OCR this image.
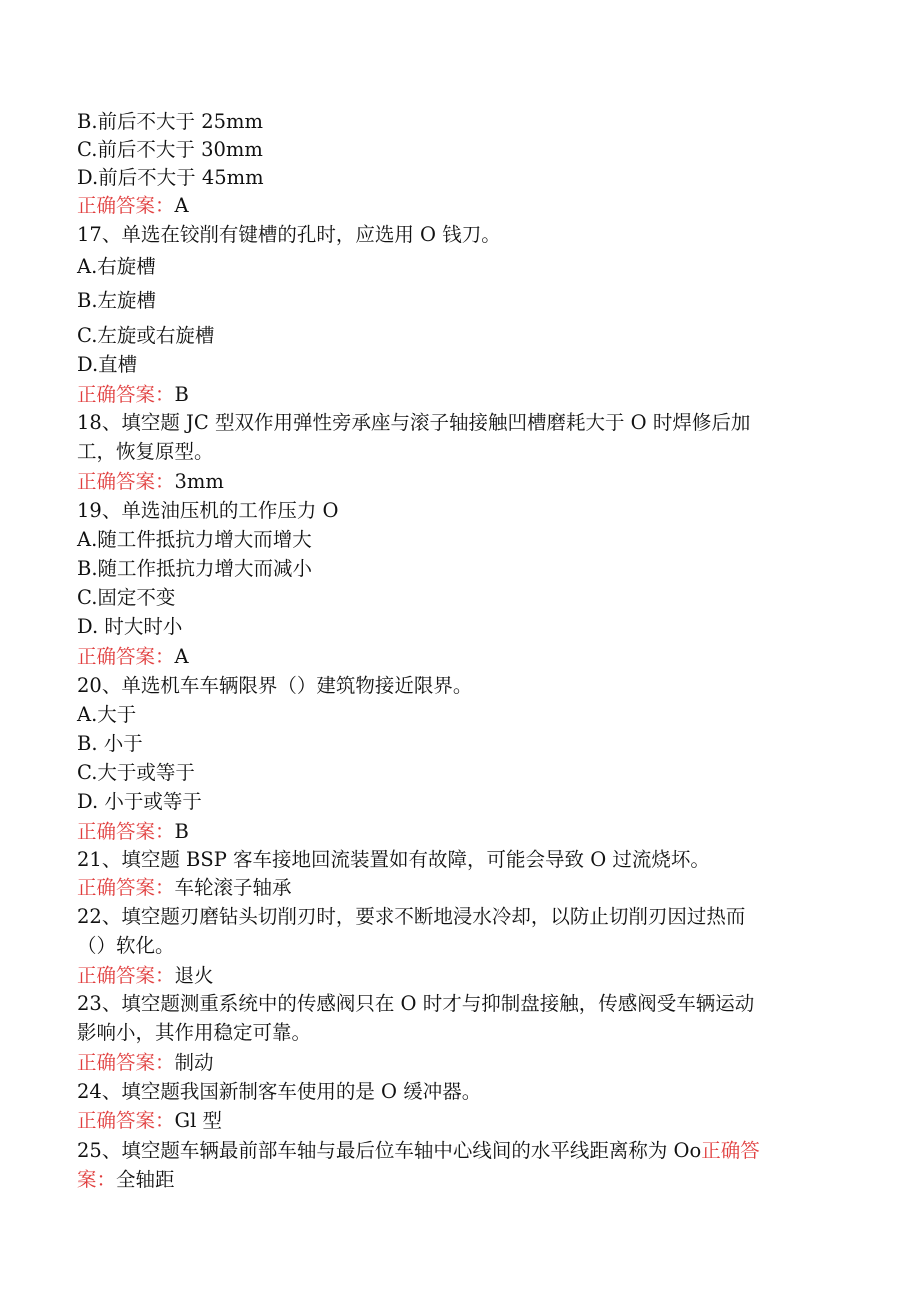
B.前后不大于 25mm
C.前后不大于 30mm
D.前后不大于 45mm
正确答案：A
17、单选在铰削有键槽的孔时，应选用 O 钱刀。
A.右旋槽
B.左旋槽
C.左旋或右旋槽
D.直槽
正确答案：B
18、填空题 JC 型双作用弹性旁承座与滚子轴接触凹槽磨耗大于 O 时焊修后加
工，恢复原型。
正确答案：3mm
19、单选油压机的工作压力 O
A.随工件抵抗力增大而增大
B.随工作抵抗力增大而减小
C.固定不变
D. 时大时小
正确答案：A
20、单选机车车辆限界（）建筑物接近限界。
A.大于
B. 小于
C.大于或等于
D. 小于或等于
正确答案：B
21、填空题 BSP 客车接地回流装置如有故障，可能会导致 O 过流烧坏。
正确答案：车轮滚子轴承
22、填空题刃磨钻头切削刃时，要求不断地浸水冷却，以防止切削刃因过热而
（）软化。
正确答案：退火
23、填空题测重系统中的传感阀只在 O 时才与抑制盘接触，传感阀受车辆运动
影响小，其作用稳定可靠。
正确答案：制动
24、填空题我国新制客车使用的是 O 缓冲器。
正确答案：Gl 型
25、填空题车辆最前部车轴与最后位车轴中心线间的水平线距离称为 Oo正确答
案：全轴距
